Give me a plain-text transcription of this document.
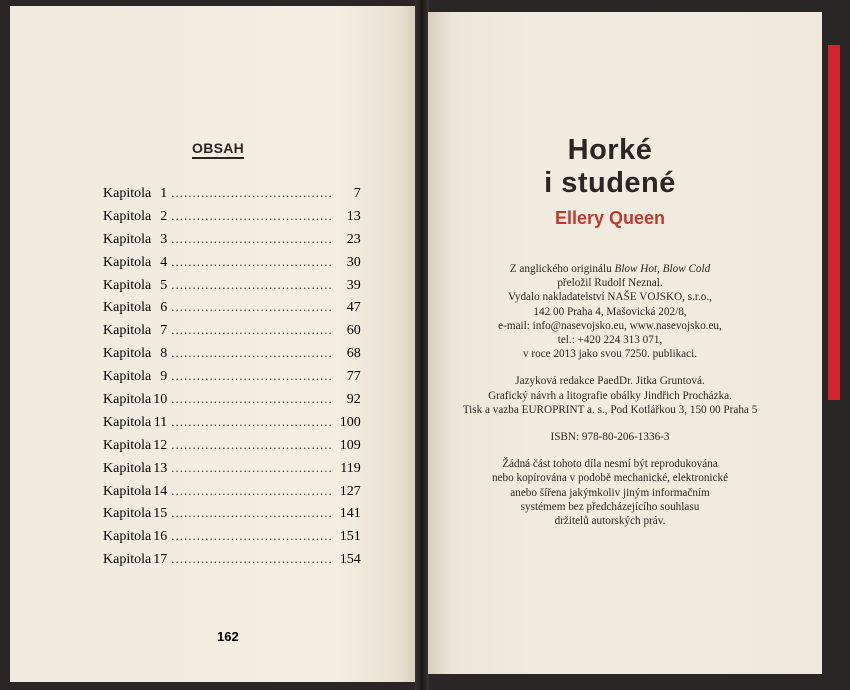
OBSAH
Kapitola 1 ......................................	7
Kapitola 2 ......................................	13
Kapitola 3 ......................................	23
Kapitola 4 ......................................	30
Kapitola 5 ......................................	39
Kapitola 6 ......................................	47
Kapitola 7 ......................................	60
Kapitola 8 ......................................	68
Kapitola 9 ......................................	77
Kapitola 10 ......................................	92
Kapitola 11 ...................................... 100
Kapitola 12 ...................................... 109
Kapitola 13 ...................................... 119
Kapitola 14 ...................................... 127
Kapitola 15 ...................................... 141
Kapitola 16 ...................................... 151
Kapitola 17 ...................................... 154
162
Horké
i studené
Ellery Queen

Z anglického originálu Blow Hot, Blow Cold

přeložil Rudolf Neznal.

Vydalo nakladatelství NAŠE VOJSKO, s.r.o.,

142 00 Praha 4, Mašovická 202/8,

e-mail: info@nasevojsko.eu, www.nasevojsko.eu,

tel.: +420 224 313 071,

v roce 2013 jako svou 7250. publikaci.

Jazyková redakce PaedDr. Jitka Gruntová.

Grafický návrh a litografie obálky Jindřich Procházka.

Tisk a vazba EUROPRINT a. s., Pod Kotlářkou 3, 150 00 Praha 5

ISBN: 978-80-206-1336-3

Žádná část tohoto díla nesmí být reprodukována

nebo kopírována v podobě mechanické, elektronické

anebo šířena jakýmkoliv jiným informačním

systémem bez předcházejícího souhlasu

držitelů autorských práv.
